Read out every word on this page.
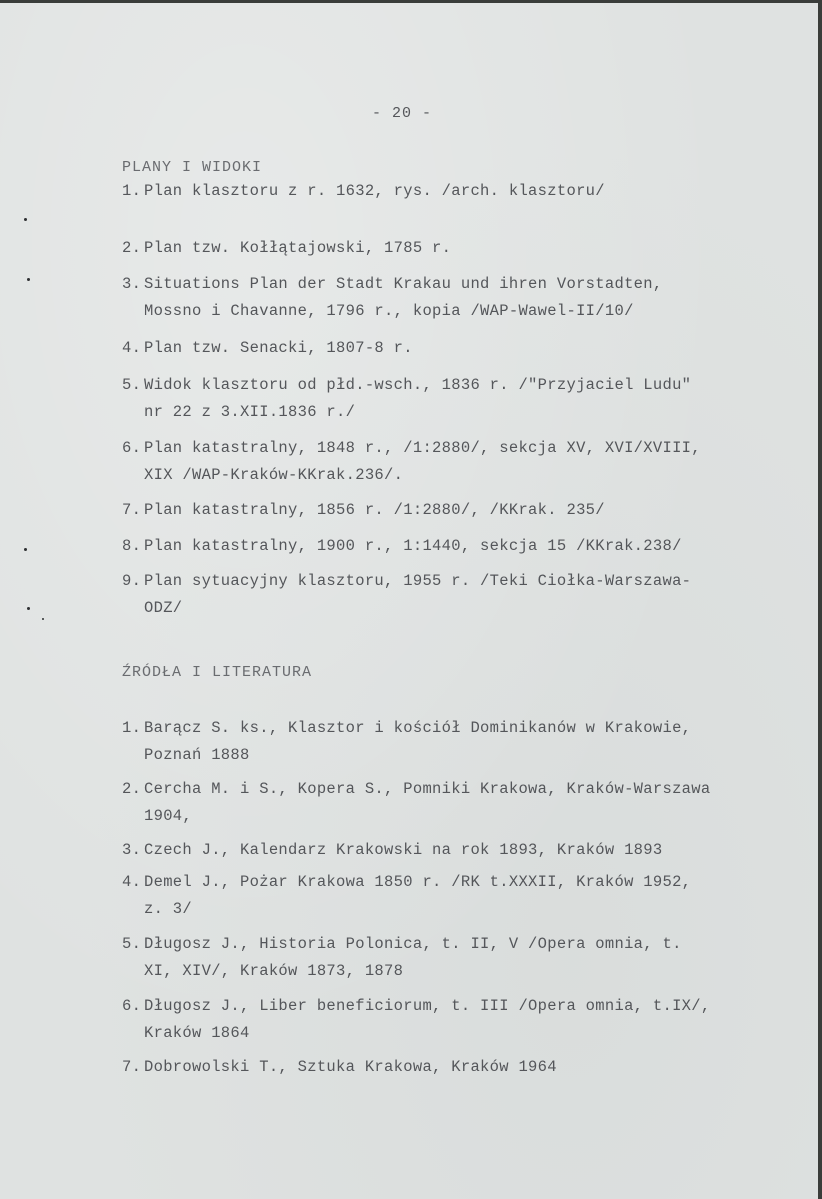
- 20 -
PLANY I WIDOKI
1. Plan klasztoru z r. 1632, rys. /arch. klasztoru/
2. Plan tzw. Kołłątajowski, 1785 r.
3. Situations Plan der Stadt Krakau und ihren Vorstadten,
Mossno i Chavanne, 1796 r., kopia /WAP-Wawel-II/10/
4. Plan tzw. Senacki, 1807-8 r.
5. Widok klasztoru od płd.-wsch., 1836 r. /"Przyjaciel Ludu"
nr 22 z 3.XII.1836 r./
6. Plan katastralny, 1848 r., /1:2880/, sekcja XV, XVI/XVIII,
XIX /WAP-Kraków-KKrak.236/.
7. Plan katastralny, 1856 r. /1:2880/, /KKrak. 235/
8. Plan katastralny, 1900 r., 1:1440, sekcja 15 /KKrak.238/
9. Plan sytuacyjny klasztoru, 1955 r. /Teki Ciołka-Warszawa-
ODZ/
ŹRÓDŁA I LITERATURA
1. Barącz S. ks., Klasztor i kościół Dominikanów w Krakowie,
Poznań 1888
2. Cercha M. i S., Kopera S., Pomniki Krakowa, Kraków-Warszawa
1904,
3. Czech J., Kalendarz Krakowski na rok 1893, Kraków 1893
4. Demel J., Pożar Krakowa 1850 r. /RK t.XXXII, Kraków 1952,
z. 3/
5. Długosz J., Historia Polonica, t. II, V /Opera omnia, t.
XI, XIV/, Kraków 1873, 1878
6. Długosz J., Liber beneficiorum, t. III /Opera omnia, t.IX/,
Kraków 1864
7. Dobrowolski T., Sztuka Krakowa, Kraków 1964
